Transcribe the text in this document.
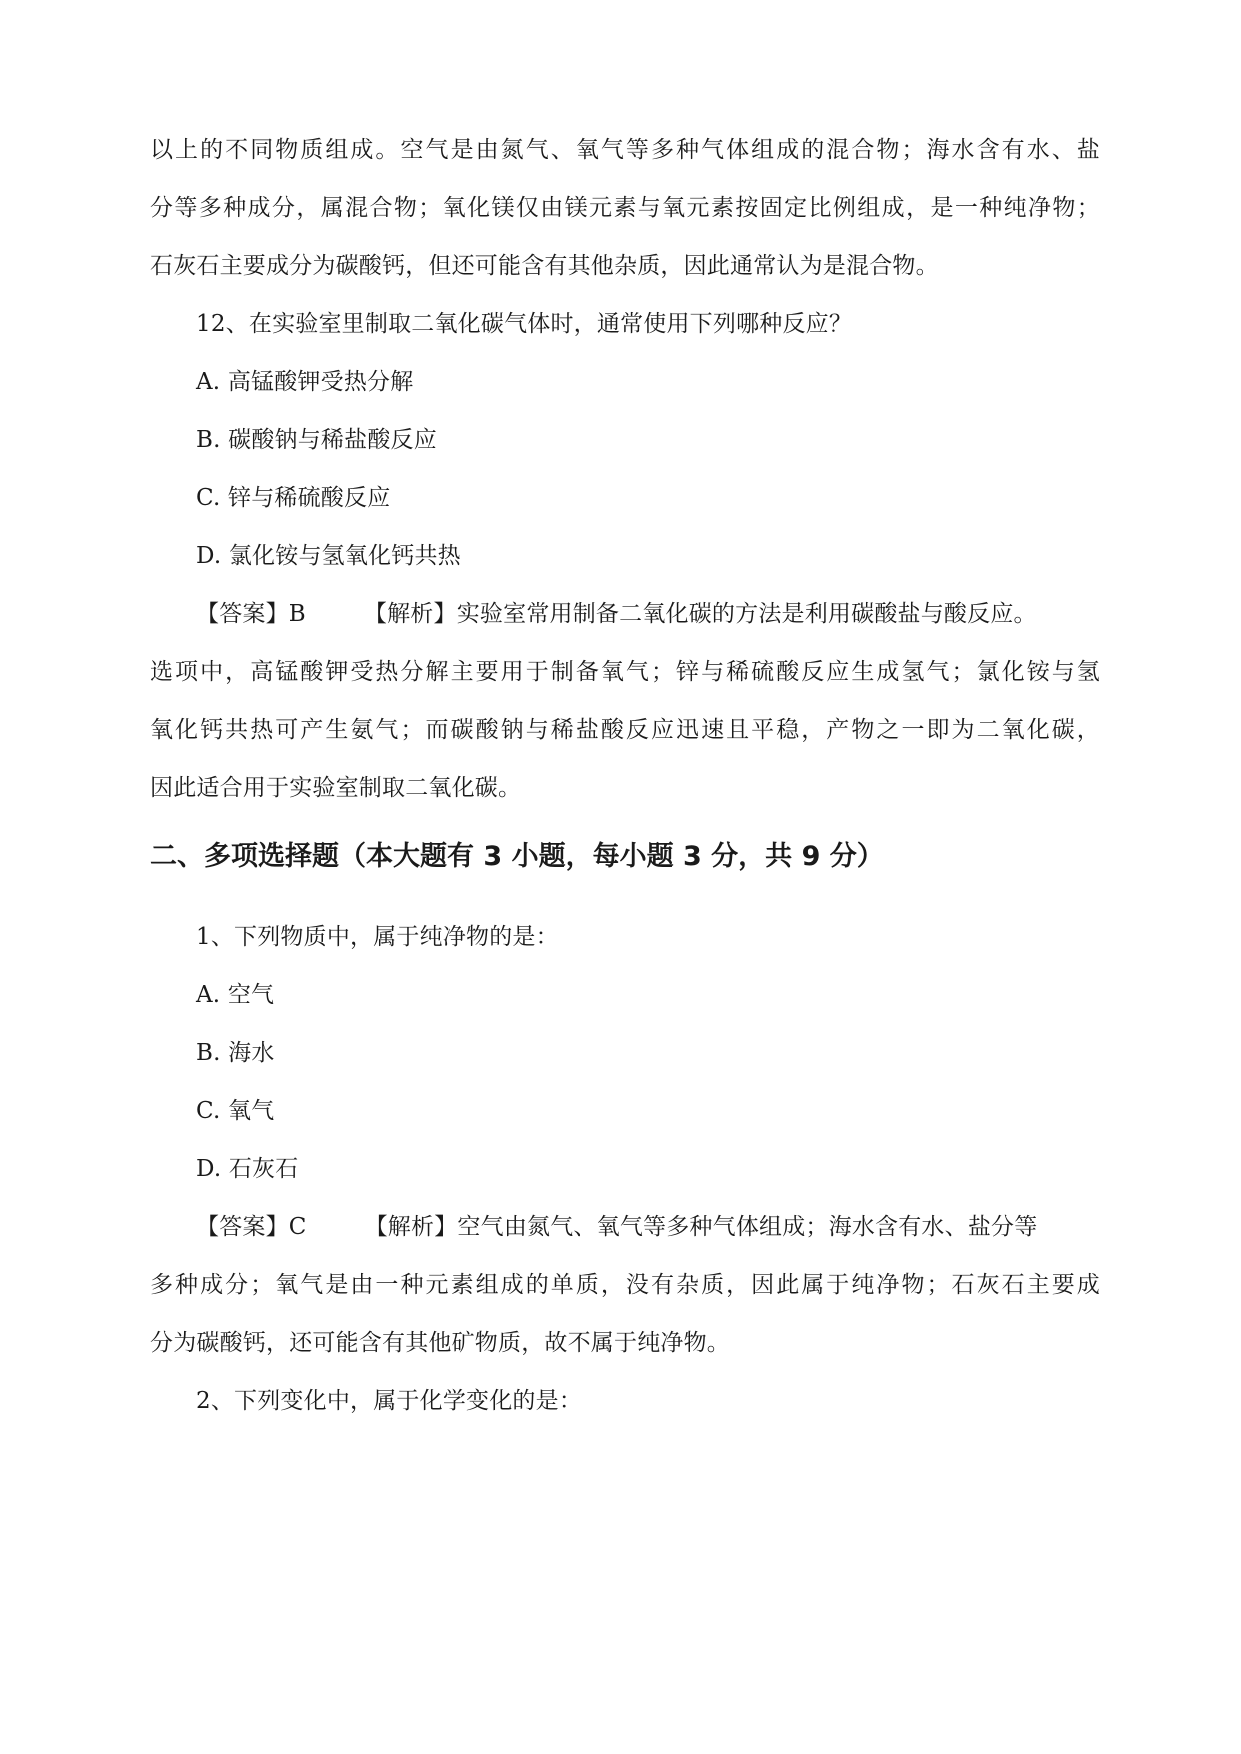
以上的不同物质组成。空气是由氮气、氧气等多种气体组成的混合物；海水含有水、盐
分等多种成分，属混合物；氧化镁仅由镁元素与氧元素按固定比例组成，是一种纯净物；
石灰石主要成分为碳酸钙，但还可能含有其他杂质，因此通常认为是混合物。
12、在实验室里制取二氧化碳气体时，通常使用下列哪种反应？
A. 高锰酸钾受热分解
B. 碳酸钠与稀盐酸反应
C. 锌与稀硫酸反应
D. 氯化铵与氢氧化钙共热
【答案】B	【解析】实验室常用制备二氧化碳的方法是利用碳酸盐与酸反应。
选项中，高锰酸钾受热分解主要用于制备氧气；锌与稀硫酸反应生成氢气；氯化铵与氢
氧化钙共热可产生氨气；而碳酸钠与稀盐酸反应迅速且平稳，产物之一即为二氧化碳，
因此适合用于实验室制取二氧化碳。
二、多项选择题（本大题有 3 小题，每小题 3 分，共 9 分）
1、下列物质中，属于纯净物的是：
A. 空气
B. 海水
C. 氧气
D. 石灰石
【答案】C	【解析】空气由氮气、氧气等多种气体组成；海水含有水、盐分等
多种成分；氧气是由一种元素组成的单质，没有杂质，因此属于纯净物；石灰石主要成
分为碳酸钙，还可能含有其他矿物质，故不属于纯净物。
2、下列变化中，属于化学变化的是：
